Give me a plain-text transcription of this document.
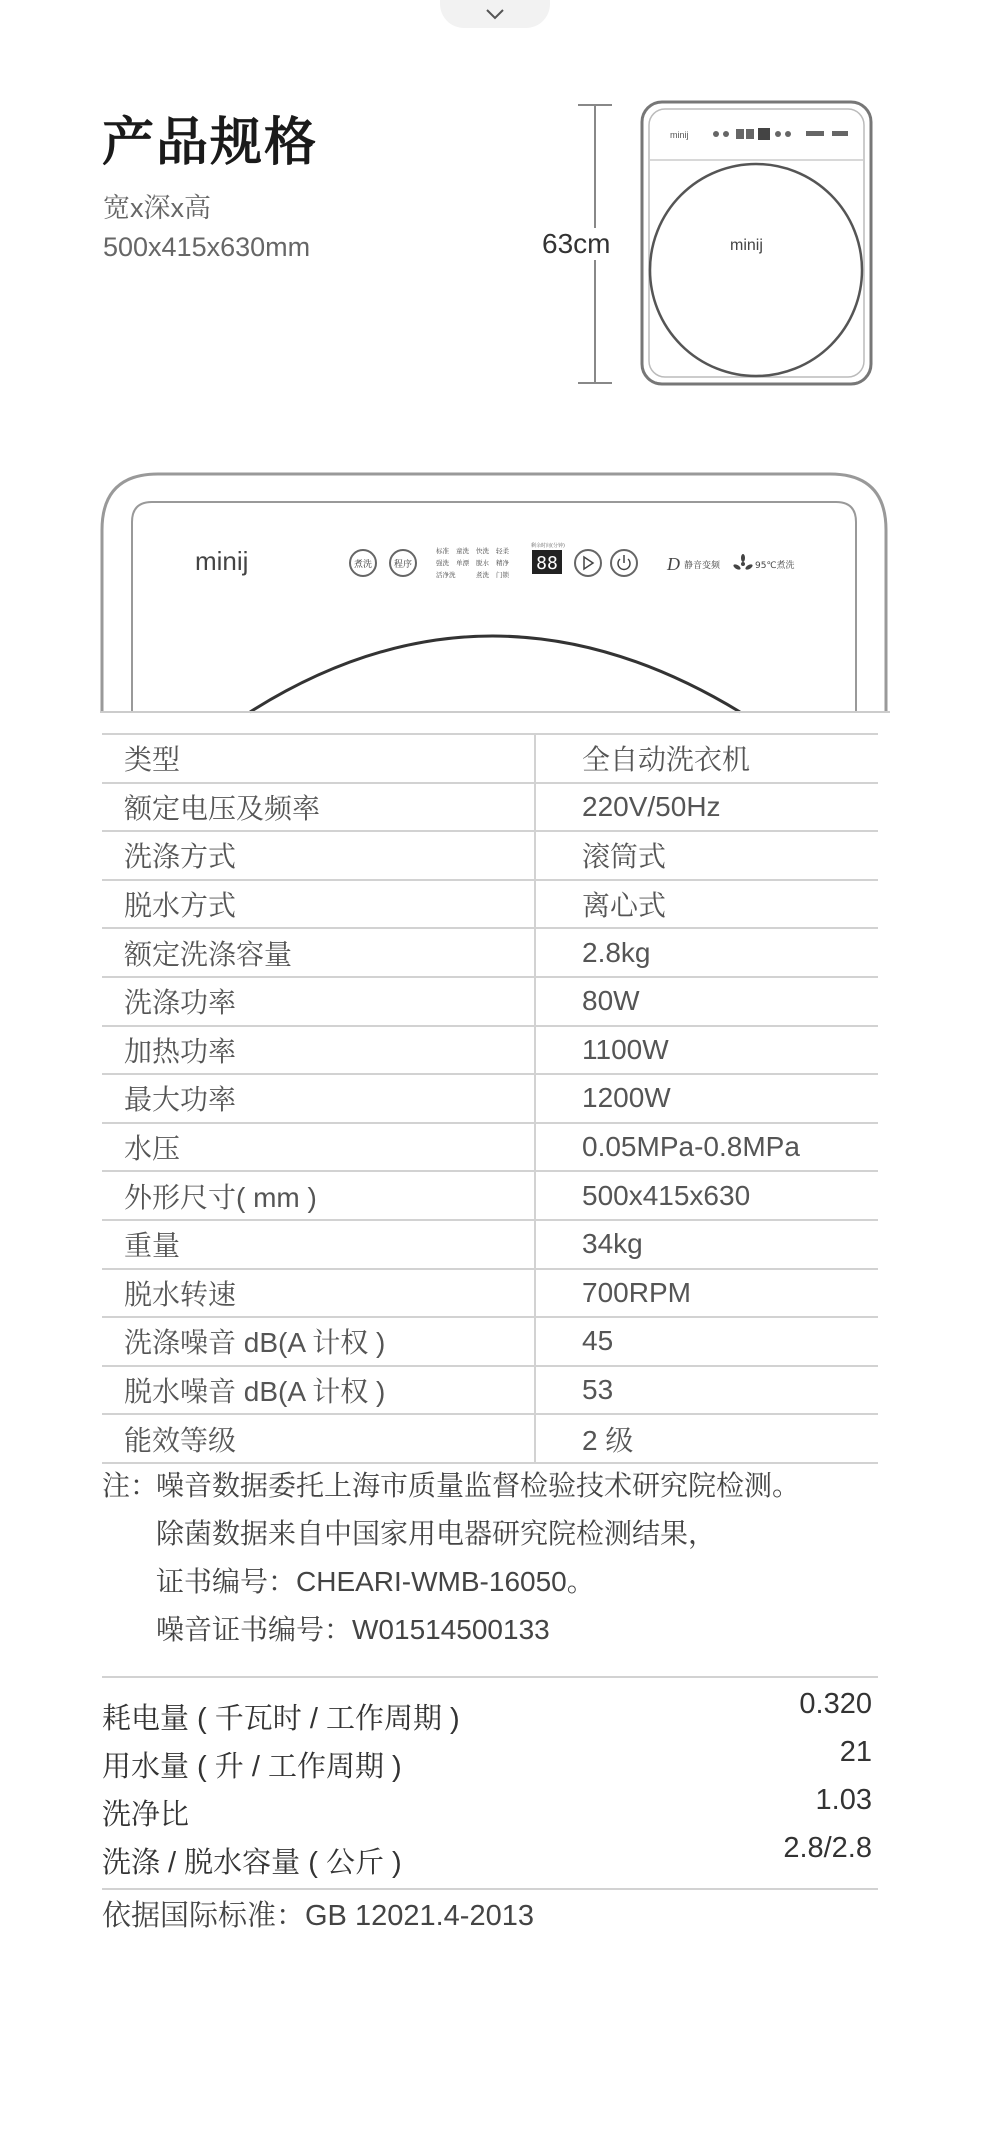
产品规格
宽x深x高
500x415x630mm	63cm
minij
minij
minij	煮洗 程序
标准 童洗 快洗 轻柔
强洗 单漂 脱水 精净
活净洗	煮洗 门锁
剩余时间(分钟)
88	D 静音变频	95℃煮洗
类型	全自动洗衣机
额定电压及频率	220V/50Hz
洗涤方式	滚筒式
脱水方式	离心式
额定洗涤容量	2.8kg
洗涤功率	80W
加热功率	1100W
最大功率	1200W
水压	0.05MPa-0.8MPa
外形尺寸( mm )	500x415x630
重量	34kg
脱水转速	700RPM
洗涤噪音 dB(A 计权 )	45
脱水噪音 dB(A 计权 )	53
能效等级	2 级
注：
噪音数据委托上海市质量监督检验技术研究院检测。
除菌数据来自中国家用电器研究院检测结果，
证书编号：CHEARI-WMB-16050。
噪音证书编号：W01514500133
耗电量 ( 千瓦时 / 工作周期 )	0.320
用水量 ( 升 / 工作周期 )	21
洗净比	1.03
洗涤 / 脱水容量 ( 公斤 )	2.8/2.8
依据国际标准：GB 12021.4-2013
